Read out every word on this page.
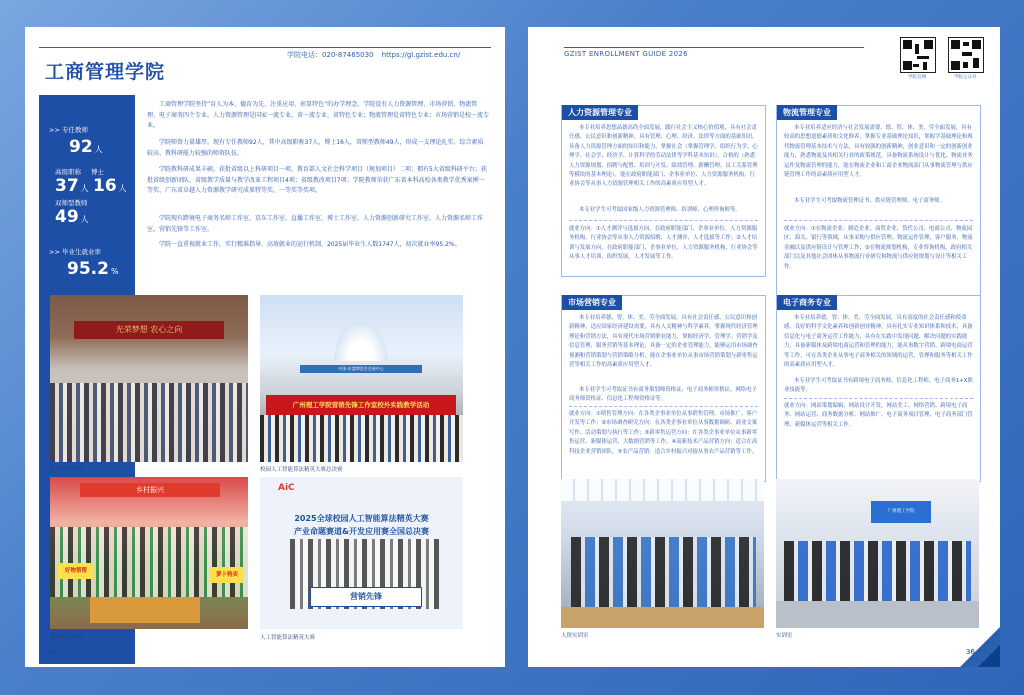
工商管理学院
学院电话：020-87465030 https://gl.gzist.edu.cn/
>> 专任教师
92 人
高级职称 博士
37 人 16 人
双师型教师
49 人
>> 毕业生就业率
95.2 %
工商管理学院坚持“育人为本、德育为先、注重应用、彰显特色”的办学理念。学院设有人力资源管理、市场营销、物流管理、电子商务四个专业。人力资源管理是国家一流专业，省一流专业，省特色专业；物流管理是省特色专业；市场营销是校一流专业。
学院师资力量雄厚。现有专任教师92人，其中高级职称37人，博士16人，双师型教师49人，形成一支理论扎实、综合素质较高、教科研能力较强的师资队伍。
学院教科研成果丰硕。获批省级以上科研项目一项、教育部人文社会科学项目（规划项目）二项；拥有5大省级科研平台；获批省级创新团队、省级教学质量与教学改革工程项目4项；省级教改项目7项；学院教师荣获广东省本科高校各类教学优秀案例一等奖、广东省卓越人力资源教学研究成果特等奖、一等奖等奖项。
学院现有跨境电子商务名师工作室、京东工作室、直播工作室、博士工作室、人力资源创新研究工作室、人力资源名师工作室、营销先锋等工作室。
学院一直重视就业工作，实行精准指导、高效就业的运行机制，2025届毕业生人数1747人，初次就业率95.2%。
光荣梦想 农心之向
京东校企合作
中国-东盟博览会会展中心
广州理工学院营销先锋工作室校外实践教学活动
校园人工智能算法精英大赛总决赛
乡村振兴
好物帮帮
萝卜特卖
暑期社会实践
AiC
2025全球校园人工智能算法精英大赛
产业命题赛道&开发应用赛全国总决赛
营销先锋
人工智能算法精英大赛
35
GZIST ENROLLMENT GUIDE 2026
学院官网	学院公众号
人力资源管理专业
本专业培养思想品德高尚全面发展，践行社会主义核心价值观，具有社会责任感、公民意识和创新精神，具有管理、心理、经济、法律等方面的基础知识，具备人力资源管理方面的知识和能力，掌握社会（掌握管理学、组织行为学、心理学、社会学、经济学、计算科学的劳动法律等学科基本知识），合格的（熟悉人力资源规划、招聘与配置、培训与开发、绩效管理、薪酬管理、员工关系管理等模块的基本理论），能在政府职能部门、企事业单位、人力资源服务机构，行业协会等从事人力资源管理相关工作的高素质应用型人才。
本专业学生可考取国家级人力资源管理师、培训师、心理咨询师等。
就业方向：①人才测评与选拔方向，在政府职能部门、企事业单位、人力资源服务机构，行业协会等从事人力资源招聘、人才测评，人才选拔等工作；②人才培训与发展方向，在政府职能部门、企事业单位，人力资源服务机构，行业协会等从事人才培训、组织发展，人才发展等工作。
物流管理专业
本专业培养适应经济与社会发展需要，德、智、体、美、劳全面发展，具有较高的思想道德素质和文化修养，掌握专业基础理论知识，掌握学基础理论和现代物流管理基本技术与方法，具有较强的创新精神，创业意识和一定的创新创业能力，熟悉物流及其相关行业的政策规范，具备物流系统设计与优化、物流业务运作及物流管理的能力，能在物流企业和工商企业物流部门从事物流管理与供应链管理工作的高素质应用型人才。
本专业学生可考取物流管理证书、供应链管理师、电子商务师。
就业方向：①在物流企业、制造企业、商贸企业、货代公司、电商公司、物流园区、海关、银行等领域，从事采购与供应管理、物流运作管理、客户服务、物流金融以及供应链设计与管理工作；②在物流规划机构，专业咨询机构，政府相关部门以及其他社会团体从事物流行业研究和物流与供应链规划与设计等相关工作。
市场营销专业
本专业培养德、智、体、美、劳全面发展，具有社会责任感、公民意识和创新精神，适应国家经济建设需要，具有人文精神与科学素养，掌握现代经济管理理论和营销方法，具有现代市场营销职业能力，掌握经济学、管理学、营销学及信息管理、服务营销等基本理论，具备一定的企业管理能力，能够运用市场调查预测和营销策划与营销策略分析，能在企事业单位从事市场营销策划与新零售运营等相关工作的高素质应用型人才。
本专业学生可考取证书有商务策划师资格证、电子商务师资格证、网络电子商务师资格证、信息化工程师资格证等。
就业方向：①销售管理方向：在各类企事业单位从事销售管理、市场推广、客户开发等工作；②市场调查研究方向：在各类企事业单位从事数据调研、商业文案写作、活动策划与执行等工作；③新零售运营方向：在各类企事业单位从事新零售运营、新媒体运营、大数据营销等工作。④高新技术产品营销方向：适合在高科技企业营销团队。⑤农产品营销：适合乡村振兴对接从事农产品营销等工作。
电子商务专业
本专业培养德、智、体、美、劳全面发展，具有高度的社会责任感和使命感，良好的科学文化素养和创新创业精神，具有扎实专业知识体系和技术，具备信息化与电子商务运营工作能力，具有在实践中发现问题、解决问题的实践能力，具备新媒体及跨境电商运营和管理的能力，能从事数字营销、跨境电商运营等工作，可在各类企业从事电子商务相关的领域的运营、管理和服务等相关工作的高素质应用型人才。
本专业学生可考取证书有跨境电子商务师、信息化工程师、电子商务1+X职业技能等。
就业方向：网站策划编辑、网站设计开发、网站美工、网络营销、跨境电子商务、网站运营、商务数据分析、网站推广、电子商务项目管理、电子商务部门管理、新媒体运营等相关工作。
人资实训室
广州理工学院
实训室
36
